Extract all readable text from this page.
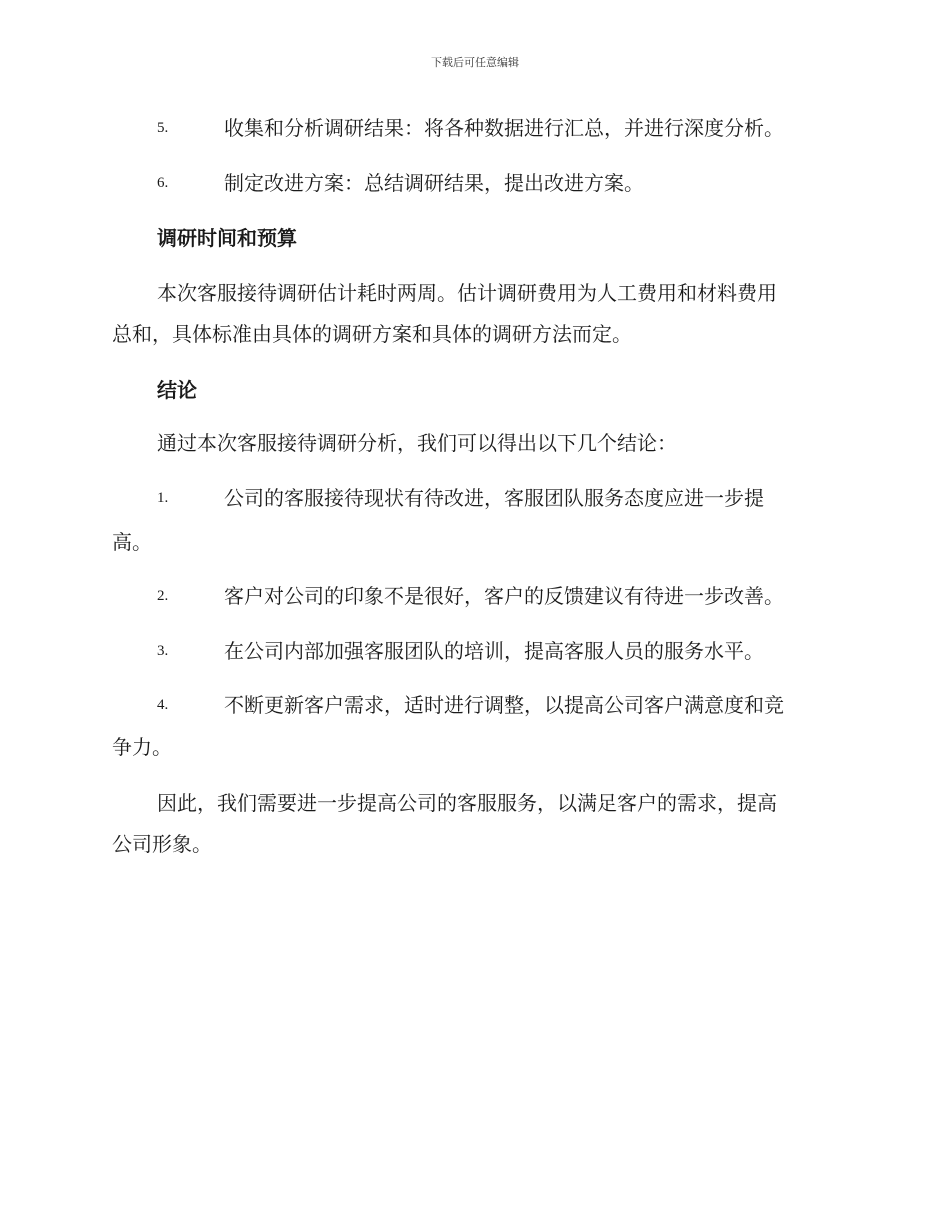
下载后可任意编辑
5.	收集和分析调研结果：将各种数据进行汇总，并进行深度分析。
6.	制定改进方案：总结调研结果，提出改进方案。
调研时间和预算
本次客服接待调研估计耗时两周。估计调研费用为人工费用和材料费用
总和，具体标准由具体的调研方案和具体的调研方法而定。
结论
通过本次客服接待调研分析，我们可以得出以下几个结论：
1.	公司的客服接待现状有待改进，客服团队服务态度应进一步提
高。
2.	客户对公司的印象不是很好，客户的反馈建议有待进一步改善。
3.	在公司内部加强客服团队的培训，提高客服人员的服务水平。
4.	不断更新客户需求，适时进行调整，以提高公司客户满意度和竞
争力。
因此，我们需要进一步提高公司的客服服务，以满足客户的需求，提高
公司形象。
